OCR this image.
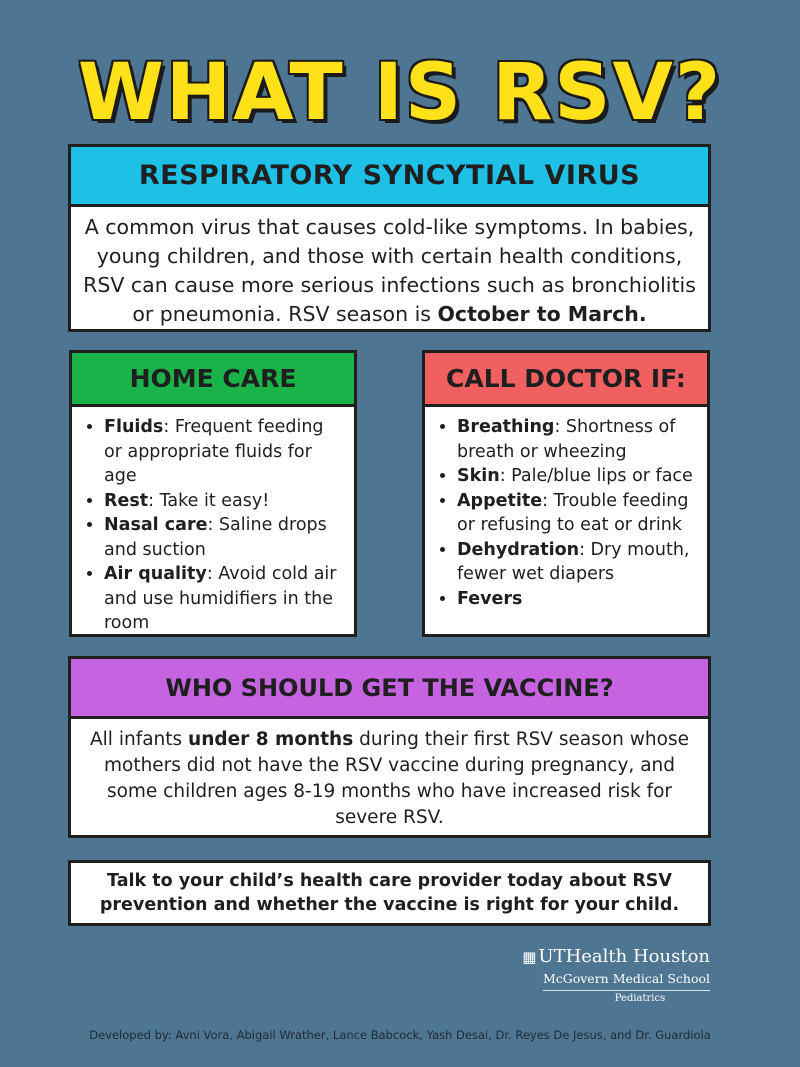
WHAT IS RSV?
RESPIRATORY SYNCYTIAL VIRUS
A common virus that causes cold-like symptoms. In babies, young children, and those with certain health conditions, RSV can cause more serious infections such as bronchiolitis or pneumonia. RSV season is October to March.
HOME CARE
• Fluids: Frequent feeding or appropriate fluids for age
• Rest: Take it easy!
• Nasal care: Saline drops and suction
• Air quality: Avoid cold air and use humidifiers in the room
CALL DOCTOR IF:
• Breathing: Shortness of breath or wheezing
• Skin: Pale/blue lips or face
• Appetite: Trouble feeding or refusing to eat or drink
• Dehydration: Dry mouth, fewer wet diapers
• Fevers
WHO SHOULD GET THE VACCINE?
All infants under 8 months during their first RSV season whose mothers did not have the RSV vaccine during pregnancy, and some children ages 8-19 months who have increased risk for severe RSV.
Talk to your child’s health care provider today about RSV prevention and whether the vaccine is right for your child.
▦ UTHealth Houston
McGovern Medical School
Pediatrics
Developed by: Avni Vora, Abigail Wrather, Lance Babcock, Yash Desai, Dr. Reyes De Jesus, and Dr. Guardiola
